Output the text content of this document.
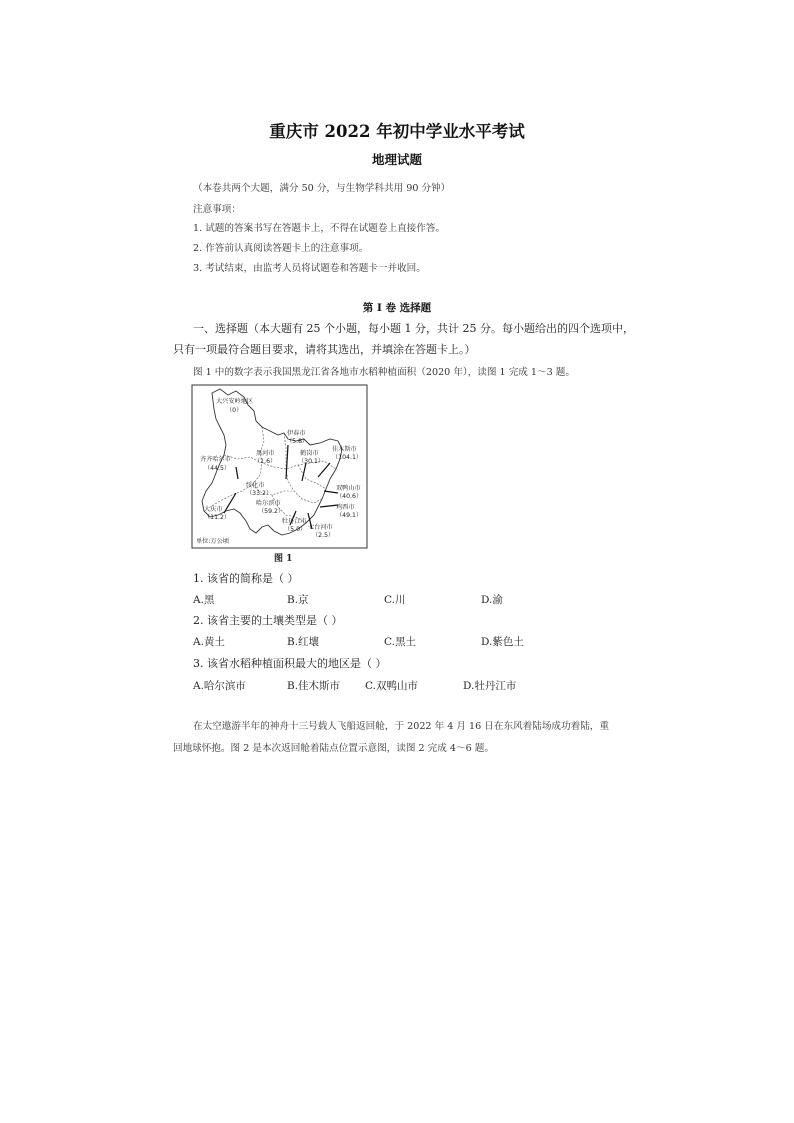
重庆市 2022 年初中学业水平考试
地理试题
（本卷共两个大题，满分 50 分，与生物学科共用 90 分钟）
注意事项：
1. 试题的答案书写在答题卡上，不得在试题卷上直接作答。
2. 作答前认真阅读答题卡上的注意事项。
3. 考试结束，由监考人员将试题卷和答题卡一并收回。
第 I 卷 选择题
一、选择题（本大题有 25 个小题，每小题 1 分，共计 25 分。每小题给出的四个选项中，
只有一项最符合题目要求，请将其选出，并填涂在答题卡上。）
图 1 中的数字表示我国黑龙江省各地市水稻种植面积（2020 年），读图 1 完成 1～3 题。
大兴安岭地区
（0）
伊春市
（5.8）
黑河市
（1.6）
鹤岗市
（30.1）
佳木斯市
（104.1）
齐齐哈尔市
（44.5）
绥化市
（33.2）
双鸭山市
（40.6）
哈尔滨市
（59.2）
鸡西市
（49.1）
大庆市
（11.2）
牡丹江市
（5.0） 七台河市
（2.5）
单位:万公顷
图 1
1. 该省的简称是（ ）
A.黑	B.京	C.川	D.渝
2. 该省主要的土壤类型是（ ）
A.黄土	B.红壤	C.黑土	D.紫色土
3. 该省水稻种植面积最大的地区是（ ）
A.哈尔滨市	B.佳木斯市 C.双鸭山市	D.牡丹江市
在太空遨游半年的神舟十三号载人飞船返回舱，于 2022 年 4 月 16 日在东风着陆场成功着陆，重
回地球怀抱。图 2 是本次返回舱着陆点位置示意图，读图 2 完成 4～6 题。
